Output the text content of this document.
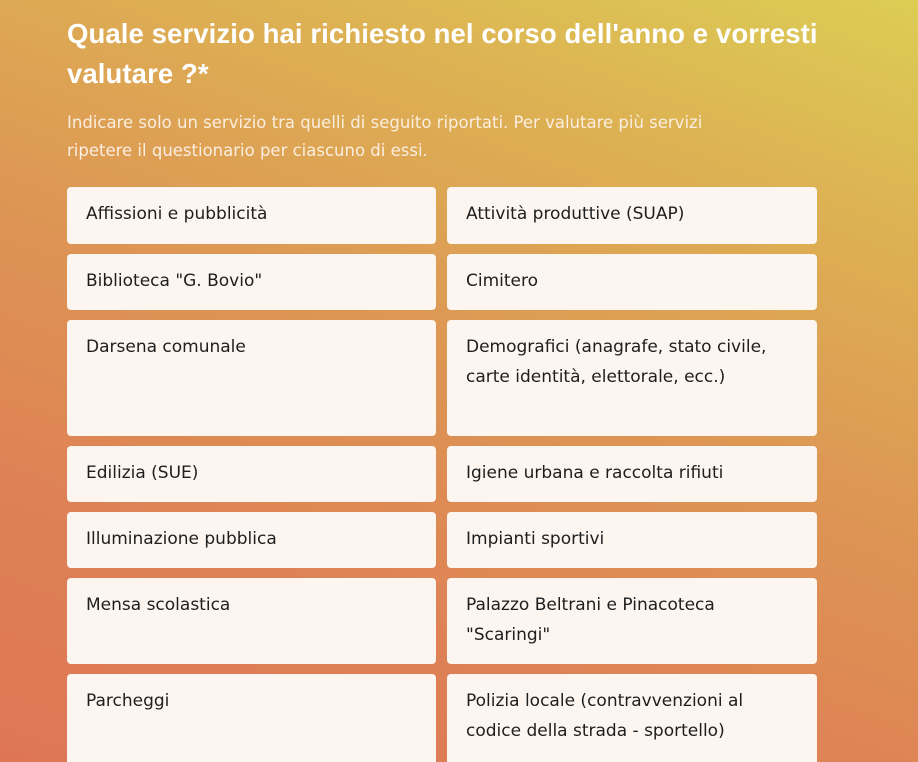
Quale servizio hai richiesto nel corso dell'anno e vorresti valutare ?*

Indicare solo un servizio tra quelli di seguito riportati. Per valutare più servizi ripetere il questionario per ciascuno di essi.

Affissioni e pubblicità	Attività produttive (SUAP)
Biblioteca "G. Bovio"	Cimitero
Darsena comunale	Demografici (anagrafe, stato civile, carte identità, elettorale, ecc.)
Edilizia (SUE)	Igiene urbana e raccolta rifiuti
Illuminazione pubblica	Impianti sportivi
Mensa scolastica	Palazzo Beltrani e Pinacoteca "Scaringi"
Parcheggi	Polizia locale (contravvenzioni al codice della strada - sportello)
